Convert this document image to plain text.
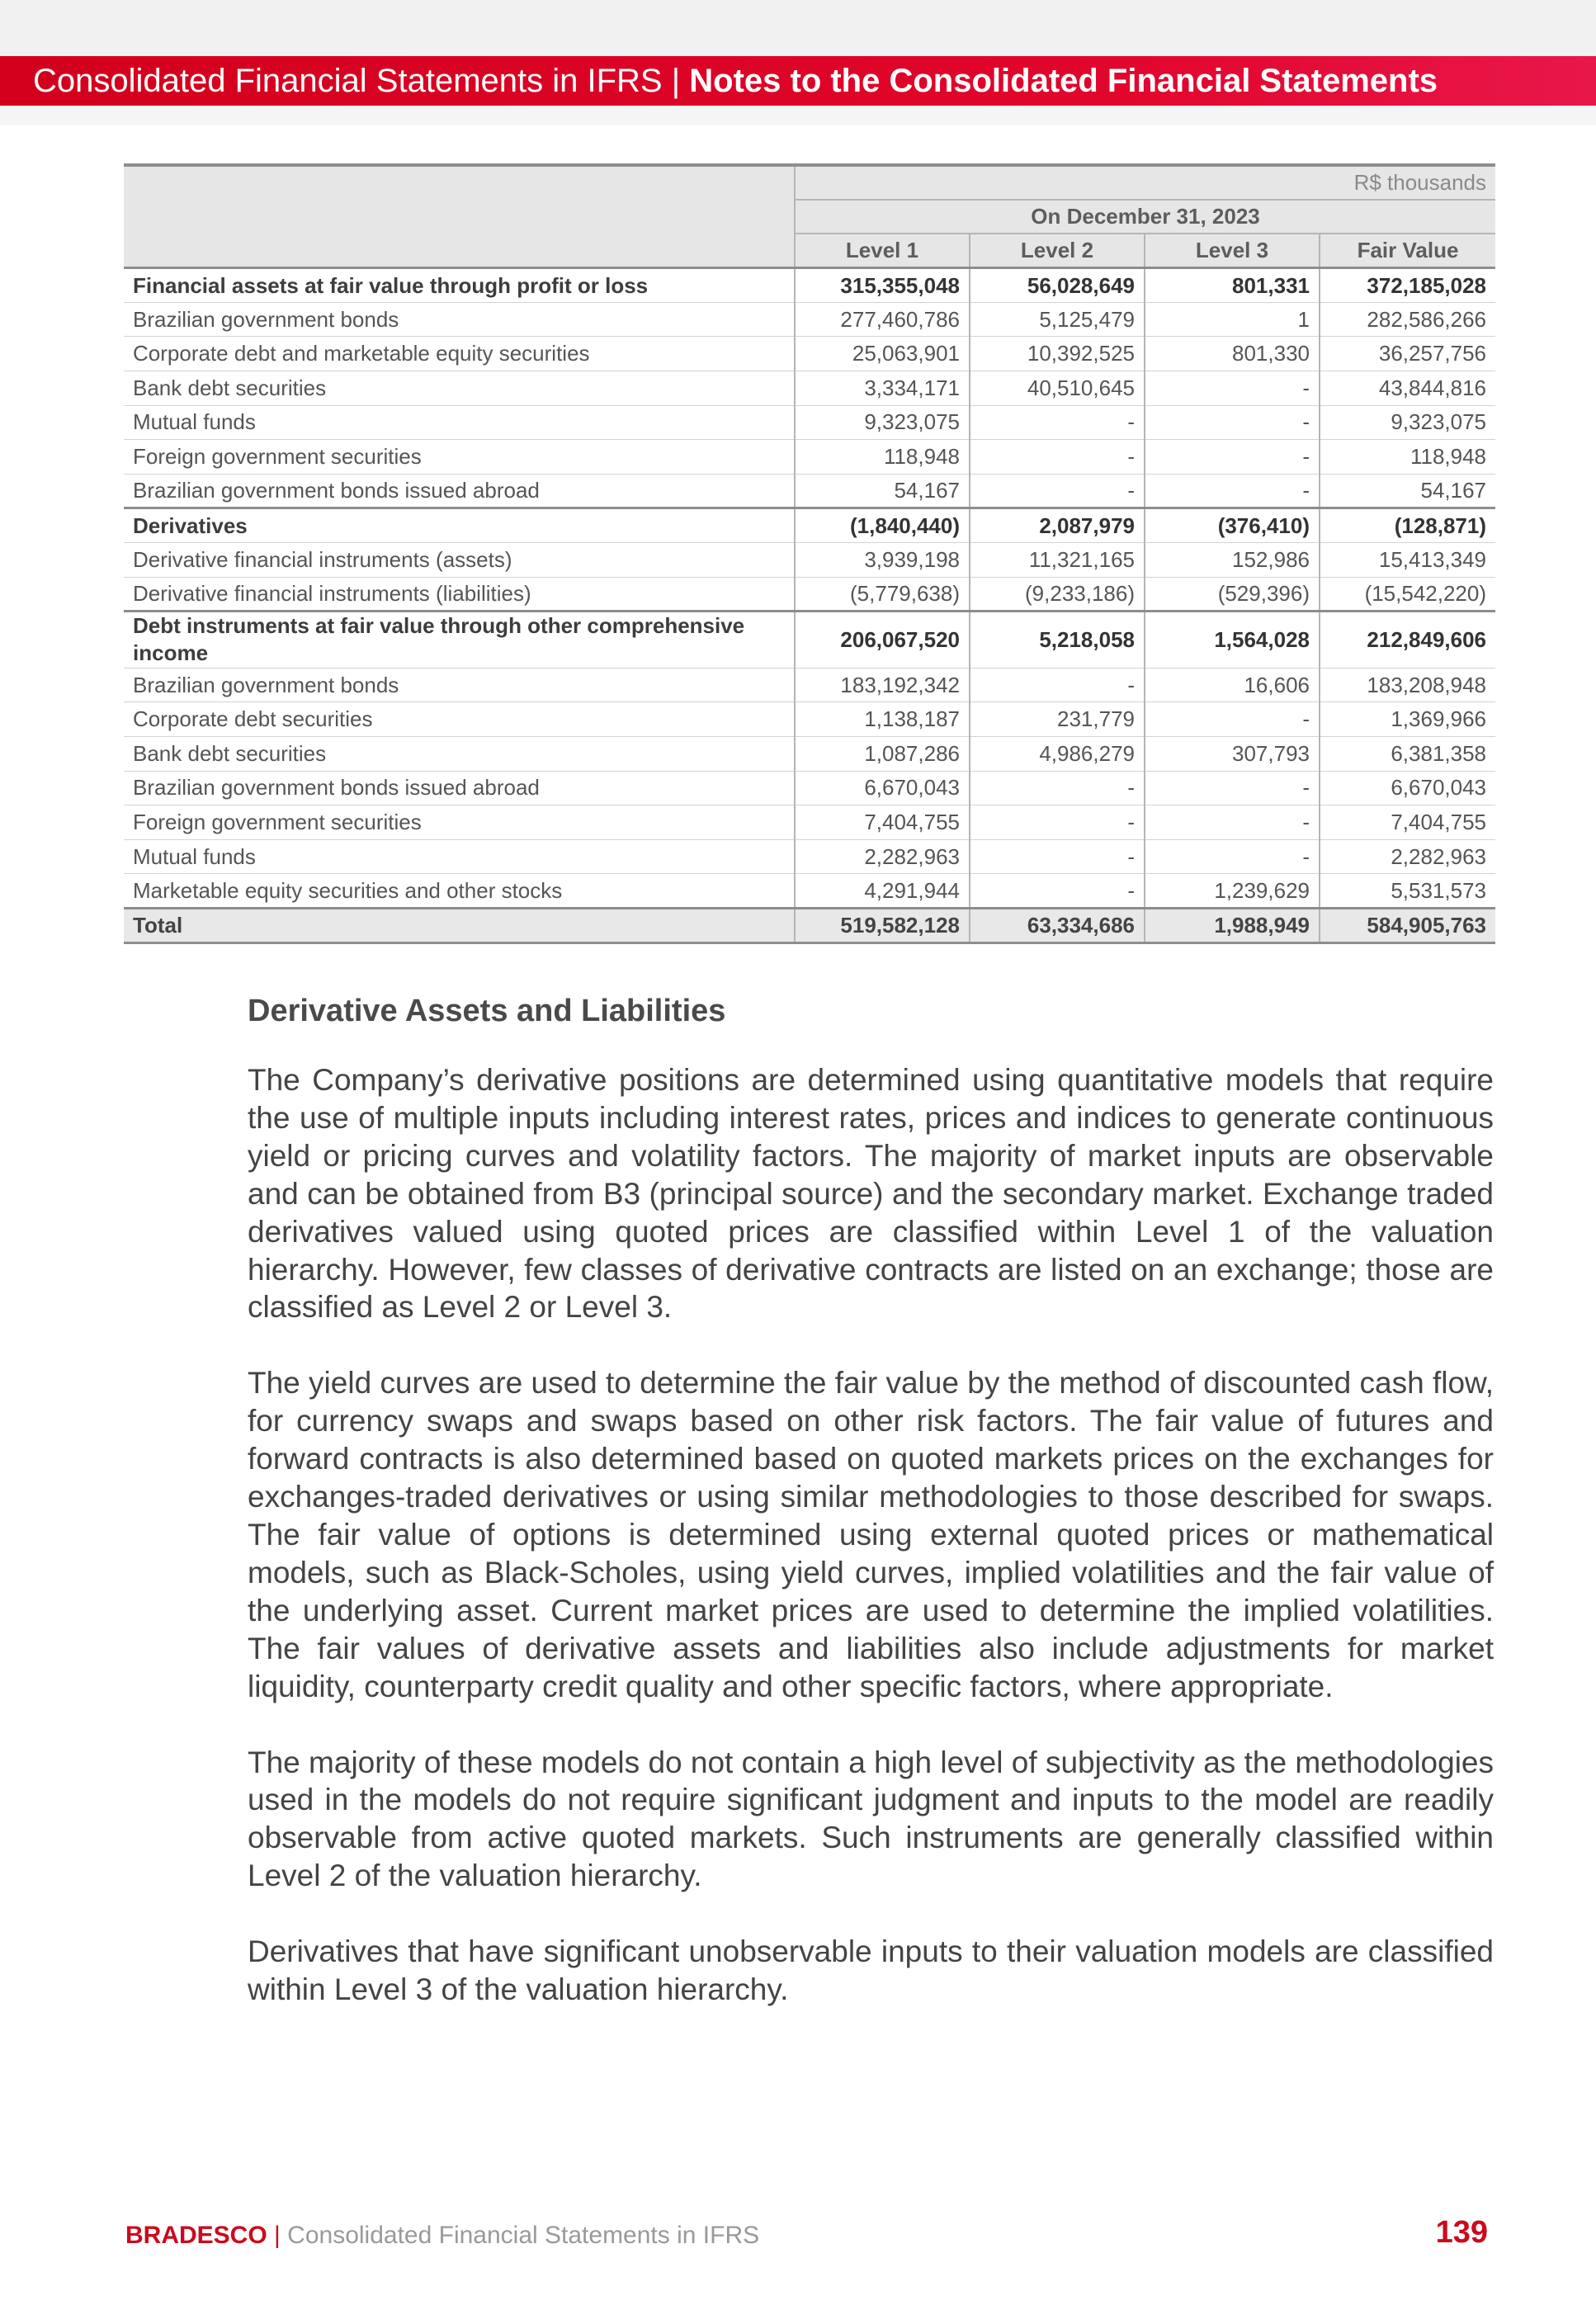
Consolidated Financial Statements in IFRS | Notes to the Consolidated Financial Statements
	R$ thousands			
	On December 31, 2023			
	Level 1	Level 2	Level 3	Fair Value
Financial assets at fair value through profit or loss	315,355,048	56,028,649	801,331	372,185,028
Brazilian government bonds	277,460,786	5,125,479	1	282,586,266
Corporate debt and marketable equity securities	25,063,901	10,392,525	801,330	36,257,756
Bank debt securities	3,334,171	40,510,645	-	43,844,816
Mutual funds	9,323,075	-	-	9,323,075
Foreign government securities	118,948	-	-	118,948
Brazilian government bonds issued abroad	54,167	-	-	54,167
Derivatives	(1,840,440)	2,087,979	(376,410)	(128,871)
Derivative financial instruments (assets)	3,939,198	11,321,165	152,986	15,413,349
Derivative financial instruments (liabilities)	(5,779,638)	(9,233,186)	(529,396)	(15,542,220)
Debt instruments at fair value through other comprehensive income	206,067,520	5,218,058	1,564,028	212,849,606
Brazilian government bonds	183,192,342	-	16,606	183,208,948
Corporate debt securities	1,138,187	231,779	-	1,369,966
Bank debt securities	1,087,286	4,986,279	307,793	6,381,358
Brazilian government bonds issued abroad	6,670,043	-	-	6,670,043
Foreign government securities	7,404,755	-	-	7,404,755
Mutual funds	2,282,963	-	-	2,282,963
Marketable equity securities and other stocks	4,291,944	-	1,239,629	5,531,573
Total	519,582,128	63,334,686	1,988,949	584,905,763
Derivative Assets and Liabilities

The Company’s derivative positions are determined using quantitative models that require the use of multiple inputs including interest rates, prices and indices to generate continuous yield or pricing curves and volatility factors. The majority of market inputs are observable and can be obtained from B3 (principal source) and the secondary market. Exchange traded derivatives valued using quoted prices are classified within Level 1 of the valuation hierarchy. However, few classes of derivative contracts are listed on an exchange; those are classified as Level 2 or Level 3.

The yield curves are used to determine the fair value by the method of discounted cash flow, for currency swaps and swaps based on other risk factors. The fair value of futures and forward contracts is also determined based on quoted markets prices on the exchanges for exchanges-traded derivatives or using similar methodologies to those described for swaps. The fair value of options is determined using external quoted prices or mathematical models, such as Black-Scholes, using yield curves, implied volatilities and the fair value of the underlying asset. Current market prices are used to determine the implied volatilities. The fair values of derivative assets and liabilities also include adjustments for market liquidity, counterparty credit quality and other specific factors, where appropriate.

The majority of these models do not contain a high level of subjectivity as the methodologies used in the models do not require significant judgment and inputs to the model are readily observable from active quoted markets. Such instruments are generally classified within Level 2 of the valuation hierarchy.

Derivatives that have significant unobservable inputs to their valuation models are classified within Level 3 of the valuation hierarchy.

BRADESCO | Consolidated Financial Statements in IFRS	139
